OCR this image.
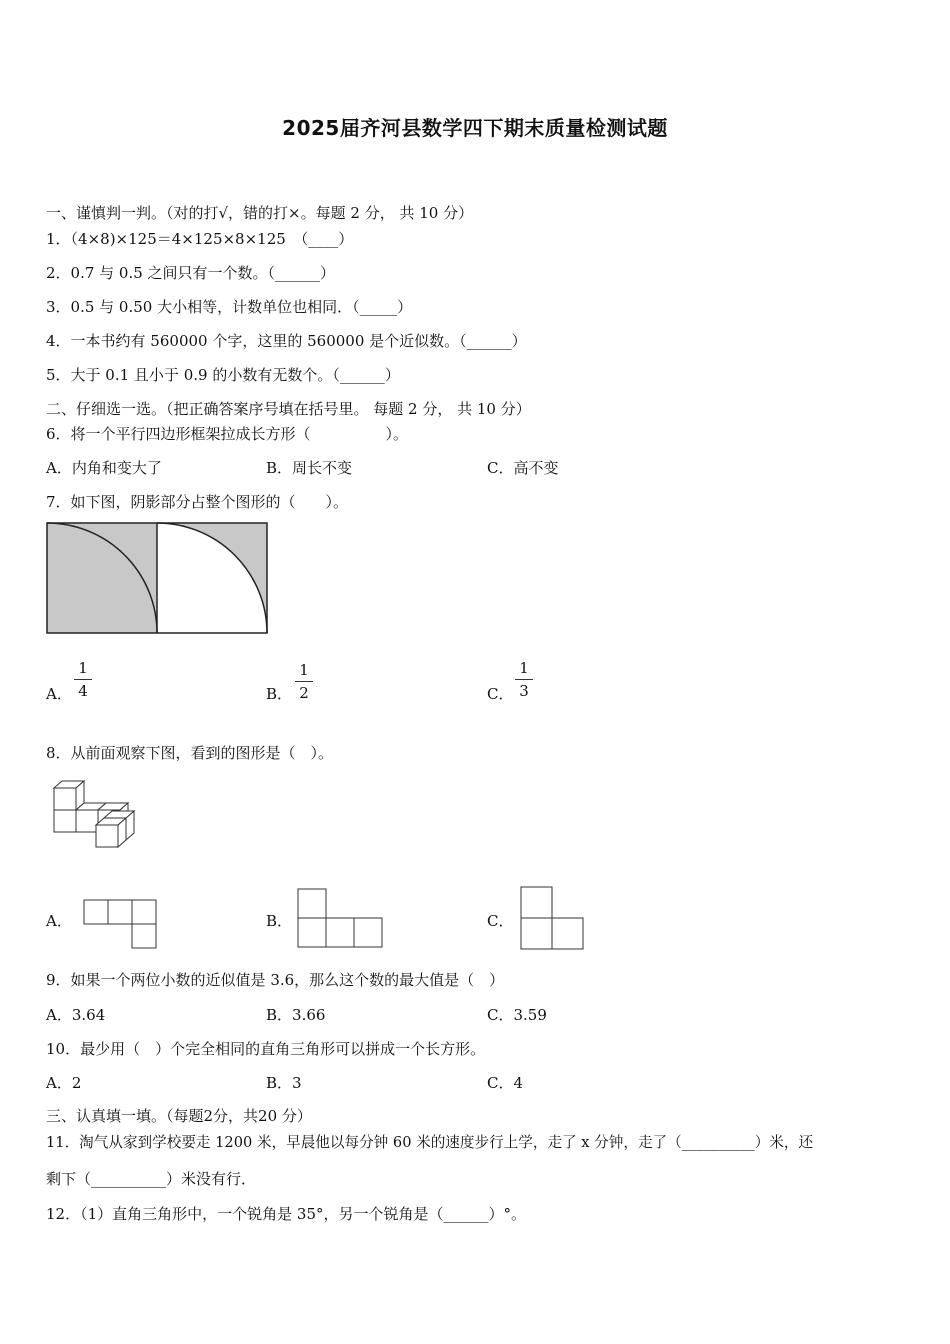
2025届齐河县数学四下期末质量检测试题
一、谨慎判一判。（对的打√，错的打×。每题 2 分， 共 10 分）
1．（4×8)×125＝4×125×8×125　（____）
2．0.7 与 0.5 之间只有一个数。（______）
3．0.5 与 0.50 大小相等，计数单位也相同．（_____）
4．一本书约有 560000 个字，这里的 560000 是个近似数。（______）
5．大于 0.1 且小于 0.9 的小数有无数个。（______）
二、仔细选一选。（把正确答案序号填在括号里。 每题 2 分， 共 10 分）
6．将一个平行四边形框架拉成长方形（　　　　　）。
A．内角和变大了	B．周长不变	C．高不变
7．如下图，阴影部分占整个图形的（　　）。
A．
1
4	B．
1
2	C．
1
3
8．从前面观察下图，看到的图形是（　）。
A．	B．	C．
9．如果一个两位小数的近似值是 3.6，那么这个数的最大值是（　）
A．3.64	B．3.66	C．3.59
10．最少用（　）个完全相同的直角三角形可以拼成一个长方形。
A．2	B．3	C．4
三、认真填一填。（每题2分，共20 分）
11．淘气从家到学校要走 1200 米，早晨他以每分钟 60 米的速度步行上学，走了 x 分钟，走了（__________）米，还
剩下（__________）米没有行．
12．（1）直角三角形中，一个锐角是 35°，另一个锐角是（______）°。
